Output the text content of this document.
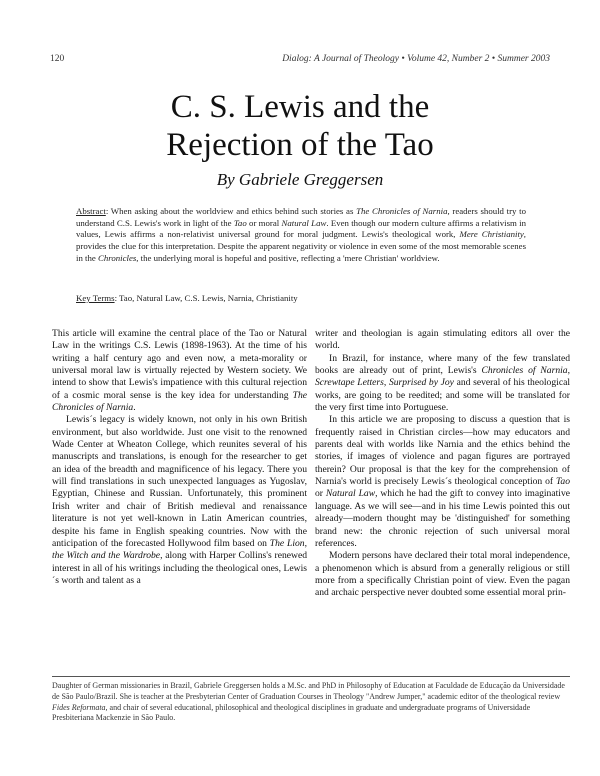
120	Dialog: A Journal of Theology • Volume 42, Number 2 • Summer 2003
C. S. Lewis and the
Rejection of the Tao
By Gabriele Greggersen
Abstract: When asking about the worldview and ethics behind such stories as The Chronicles of Narnia, readers should try to understand C.S. Lewis's work in light of the Tao or moral Natural Law. Even though our modern culture affirms a relativism in values, Lewis affirms a non-relativist universal ground for moral judgment. Lewis's theological work, Mere Christianity, provides the clue for this interpretation. Despite the apparent negativity or violence in even some of the most memorable scenes in the Chronicles, the underlying moral is hopeful and positive, reflecting a 'mere Christian' worldview.
Key Terms: Tao, Natural Law, C.S. Lewis, Narnia, Christianity

This article will examine the central place of the Tao or Natural Law in the writings C.S. Lewis (1898-1963). At the time of his writing a half century ago and even now, a meta-morality or universal moral law is virtually rejected by Western society. We intend to show that Lewis's impatience with this cultural rejection of a cosmic moral sense is the key idea for understanding The Chronicles of Narnia.

Lewis´s legacy is widely known, not only in his own British environment, but also worldwide. Just one visit to the renowned Wade Center at Wheaton College, which reunites several of his manuscripts and translations, is enough for the researcher to get an idea of the breadth and magnificence of his legacy. There you will find translations in such unexpected languages as Yugoslav, Egyptian, Chinese and Russian. Unfortunately, this prominent Irish writer and chair of British medieval and renaissance literature is not yet well-known in Latin American countries, despite his fame in English speaking countries. Now with the anticipation of the forecasted Hollywood film based on The Lion, the Witch and the Wardrobe, along with Harper Collins's renewed interest in all of his writings including the theological ones, Lewis´s worth and talent as a

writer and theologian is again stimulating editors all over the world.

In Brazil, for instance, where many of the few translated books are already out of print, Lewis's Chronicles of Narnia, Screwtape Letters, Surprised by Joy and several of his theological works, are going to be reedited; and some will be translated for the very first time into Portuguese.

In this article we are proposing to discuss a question that is frequently raised in Christian circles—how may educators and parents deal with worlds like Narnia and the ethics behind the stories, if images of violence and pagan figures are portrayed therein? Our proposal is that the key for the comprehension of Narnia's world is precisely Lewis´s theological conception of Tao or Natural Law, which he had the gift to convey into imaginative language. As we will see—and in his time Lewis pointed this out already—modern thought may be 'distinguished' for something brand new: the chronic rejection of such universal moral references.

Modern persons have declared their total moral independence, a phenomenon which is absurd from a generally religious or still more from a specifically Christian point of view. Even the pagan and archaic perspective never doubted some essential moral prin-

Daughter of German missionaries in Brazil, Gabriele Greggersen holds a M.Sc. and PhD in Philosophy of Education at Faculdade de Educação da Universidade de São Paulo/Brazil. She is teacher at the Presbyterian Center of Graduation Courses in Theology "Andrew Jumper," academic editor of the theological review Fides Reformata, and chair of several educational, philosophical and theological disciplines in graduate and undergraduate programs of Universidade Presbiteriana Mackenzie in São Paulo.
